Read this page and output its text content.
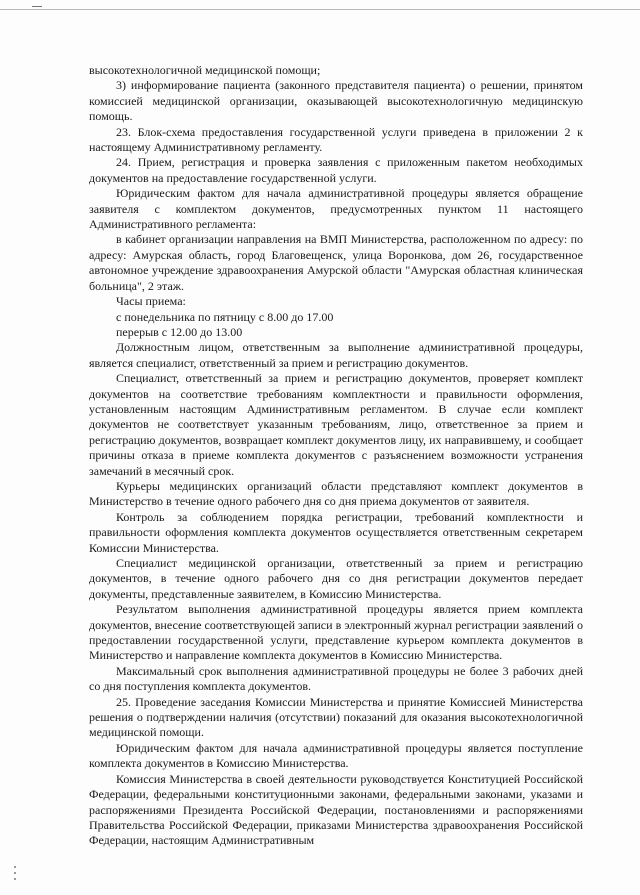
высокотехнологичной медицинской помощи;

3) информирование пациента (законного представителя пациента) о решении, принятом комиссией медицинской организации, оказывающей высокотехнологичную медицинскую помощь.

23. Блок-схема предоставления государственной услуги приведена в приложении 2 к настоящему Административному регламенту.

24. Прием, регистрация и проверка заявления с приложенным пакетом необходимых документов на предоставление государственной услуги.

Юридическим фактом для начала административной процедуры является обращение заявителя с комплектом документов, предусмотренных пунктом 11 настоящего Административного регламента:

в кабинет организации направления на ВМП Министерства, расположенном по адресу: по адресу: Амурская область, город Благовещенск, улица Воронкова, дом 26, государственное автономное учреждение здравоохранения Амурской области "Амурская областная клиническая больница", 2 этаж.

Часы приема:

с понедельника по пятницу с 8.00 до 17.00

перерыв с 12.00 до 13.00

Должностным лицом, ответственным за выполнение административной процедуры, является специалист, ответственный за прием и регистрацию документов.

Специалист, ответственный за прием и регистрацию документов, проверяет комплект документов на соответствие требованиям комплектности и правильности оформления, установленным настоящим Административным регламентом. В случае если комплект документов не соответствует указанным требованиям, лицо, ответственное за прием и регистрацию документов, возвращает комплект документов лицу, их направившему, и сообщает причины отказа в приеме комплекта документов с разъяснением возможности устранения замечаний в месячный срок.

Курьеры медицинских организаций области представляют комплект документов в Министерство в течение одного рабочего дня со дня приема документов от заявителя.

Контроль за соблюдением порядка регистрации, требований комплектности и правильности оформления комплекта документов осуществляется ответственным секретарем Комиссии Министерства.

Специалист медицинской организации, ответственный за прием и регистрацию документов, в течение одного рабочего дня со дня регистрации документов передает документы, представленные заявителем, в Комиссию Министерства.

Результатом выполнения административной процедуры является прием комплекта документов, внесение соответствующей записи в электронный журнал регистрации заявлений о предоставлении государственной услуги, представление курьером комплекта документов в Министерство и направление комплекта документов в Комиссию Министерства.

Максимальный срок выполнения административной процедуры не более 3 рабочих дней со дня поступления комплекта документов.

25. Проведение заседания Комиссии Министерства и принятие Комиссией Министерства решения о подтверждении наличия (отсутствии) показаний для оказания высокотехнологичной медицинской помощи.

Юридическим фактом для начала административной процедуры является поступление комплекта документов в Комиссию Министерства.

Комиссия Министерства в своей деятельности руководствуется Конституцией Российской Федерации, федеральными конституционными законами, федеральными законами, указами и распоряжениями Президента Российской Федерации, постановлениями и распоряжениями Правительства Российской Федерации, приказами Министерства здравоохранения Российской Федерации, настоящим Административным
